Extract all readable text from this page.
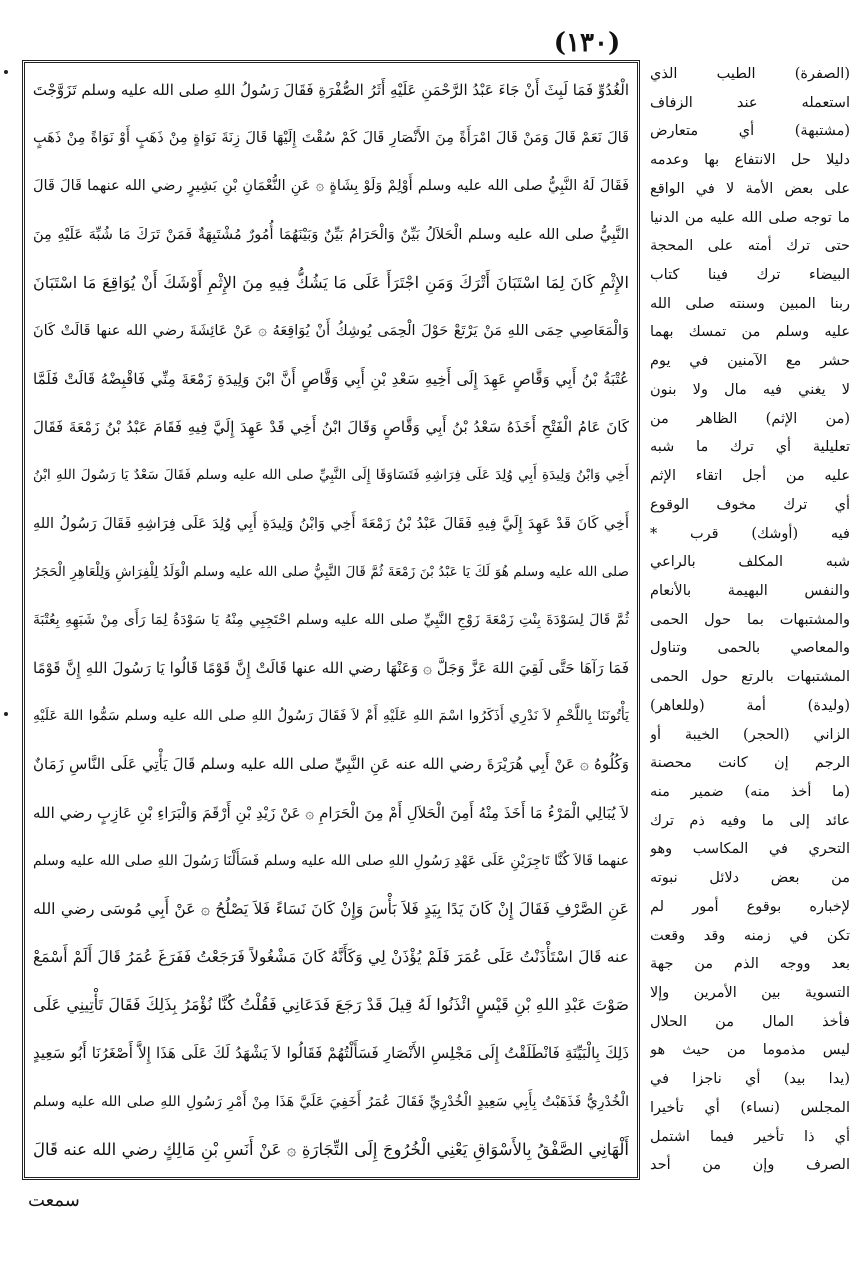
(١٣٠)
الْغُدُوِّ فَمَا لَبِثَ أَنْ جَاءَ عَبْدُ الرَّحْمَنِ عَلَيْهِ أَثَرُ الصُّفْرَةِ فَقَالَ رَسُولُ اللهِ صلى الله عليه وسلم تَزَوَّجْتَ
قَالَ نَعَمْ قَالَ وَمَنْ قَالَ امْرَأَةً مِنَ الأَنْصَارِ قَالَ كَمْ سُقْتَ إِلَيْهَا قَالَ زِنَةَ نَوَاةٍ مِنْ ذَهَبٍ أَوْ نَوَاةً مِنْ ذَهَبٍ
فَقَالَ لَهُ النَّبِيُّ صلى الله عليه وسلم أَوْلِمْ وَلَوْ بِشَاةٍ ۞ عَنِ النُّعْمَانِ بْنِ بَشِيرٍ رضي الله عنهما قَالَ قَالَ
النَّبِيُّ صلى الله عليه وسلم الْحَلاَلُ بَيِّنٌ وَالْحَرَامُ بَيِّنٌ وَبَيْنَهُمَا أُمُورٌ مُشْتَبِهَةٌ فَمَنْ تَرَكَ مَا شُبِّهَ عَلَيْهِ مِنَ
الإِثْمِ كَانَ لِمَا اسْتَبَانَ أَتْرَكَ وَمَنِ اجْتَرَأَ عَلَى مَا يَشُكُّ فِيهِ مِنَ الإِثْمِ أَوْشَكَ أَنْ يُوَاقِعَ مَا اسْتَبَانَ
وَالْمَعَاصِي حِمَى اللهِ مَنْ يَرْتَعْ حَوْلَ الْحِمَى يُوشِكُ أَنْ يُوَاقِعَهُ ۞ عَنْ عَائِشَةَ رضي الله عنها قَالَتْ كَانَ
عُتْبَةُ بْنُ أَبِي وَقَّاصٍ عَهِدَ إِلَى أَخِيهِ سَعْدِ بْنِ أَبِي وَقَّاصٍ أَنَّ ابْنَ وَلِيدَةِ زَمْعَةَ مِنِّي فَاقْبِضْهُ قَالَتْ فَلَمَّا
كَانَ عَامُ الْفَتْحِ أَخَذَهُ سَعْدُ بْنُ أَبِي وَقَّاصٍ وَقَالَ ابْنُ أَخِي قَدْ عَهِدَ إِلَيَّ فِيهِ فَقَامَ عَبْدُ بْنُ زَمْعَةَ فَقَالَ
أَخِي وَابْنُ وَلِيدَةِ أَبِي وُلِدَ عَلَى فِرَاشِهِ فَتَسَاوَقَا إِلَى النَّبِيِّ صلى الله عليه وسلم فَقَالَ سَعْدٌ يَا رَسُولَ اللهِ ابْنُ
أَخِي كَانَ قَدْ عَهِدَ إِلَيَّ فِيهِ فَقَالَ عَبْدُ بْنُ زَمْعَةَ أَخِي وَابْنُ وَلِيدَةِ أَبِي وُلِدَ عَلَى فِرَاشِهِ فَقَالَ رَسُولُ اللهِ
صلى الله عليه وسلم هُوَ لَكَ يَا عَبْدُ بْنَ زَمْعَةَ ثُمَّ قَالَ النَّبِيُّ صلى الله عليه وسلم الْوَلَدُ لِلْفِرَاشِ وَلِلْعَاهِرِ الْحَجَرُ
ثُمَّ قَالَ لِسَوْدَةَ بِنْتِ زَمْعَةَ زَوْجِ النَّبِيِّ صلى الله عليه وسلم احْتَجِبِي مِنْهُ يَا سَوْدَةُ لِمَا رَأَى مِنْ شَبَهِهِ بِعُتْبَةَ
فَمَا رَآهَا حَتَّى لَقِيَ اللهَ عَزَّ وَجَلَّ ۞ وَعَنْهَا رضي الله عنها قَالَتْ إِنَّ قَوْمًا قَالُوا يَا رَسُولَ اللهِ إِنَّ قَوْمًا
يَأْتُونَنَا بِاللَّحْمِ لاَ نَدْرِي أَذَكَرُوا اسْمَ اللهِ عَلَيْهِ أَمْ لاَ فَقَالَ رَسُولُ اللهِ صلى الله عليه وسلم سَمُّوا اللهَ عَلَيْهِ
وَكُلُوهُ ۞ عَنْ أَبِي هُرَيْرَةَ رضي الله عنه عَنِ النَّبِيِّ صلى الله عليه وسلم قَالَ يَأْتِي عَلَى النَّاسِ زَمَانٌ
لاَ يُبَالِي الْمَرْءُ مَا أَخَذَ مِنْهُ أَمِنَ الْحَلاَلِ أَمْ مِنَ الْحَرَامِ ۞ عَنْ زَيْدِ بْنِ أَرْقَمَ وَالْبَرَاءِ بْنِ عَازِبٍ رضي الله
عنهما قَالاَ كُنَّا تَاجِرَيْنِ عَلَى عَهْدِ رَسُولِ اللهِ صلى الله عليه وسلم فَسَأَلْنَا رَسُولَ اللهِ صلى الله عليه وسلم
عَنِ الصَّرْفِ فَقَالَ إِنْ كَانَ يَدًا بِيَدٍ فَلاَ بَأْسَ وَإِنْ كَانَ نَسَاءً فَلاَ يَصْلُحُ ۞ عَنْ أَبِي مُوسَى رضي الله
عنه قَالَ اسْتَأْذَنْتُ عَلَى عُمَرَ فَلَمْ يُؤْذَنْ لِي وَكَأَنَّهُ كَانَ مَشْغُولاً فَرَجَعْتُ فَفَرَغَ عُمَرُ قَالَ أَلَمْ أَسْمَعْ
صَوْتَ عَبْدِ اللهِ بْنِ قَيْسٍ ائْذَنُوا لَهُ قِيلَ قَدْ رَجَعَ فَدَعَانِي فَقُلْتُ كُنَّا نُؤْمَرُ بِذَلِكَ فَقَالَ تَأْتِينِي عَلَى
ذَلِكَ بِالْبَيِّنَةِ فَانْطَلَقْتُ إِلَى مَجْلِسِ الأَنْصَارِ فَسَأَلْتُهُمْ فَقَالُوا لاَ يَشْهَدُ لَكَ عَلَى هَذَا إِلاَّ أَصْغَرُنَا أَبُو سَعِيدٍ
الْخُدْرِيُّ فَذَهَبْتُ بِأَبِي سَعِيدٍ الْخُدْرِيِّ فَقَالَ عُمَرُ أَخَفِيَ عَلَيَّ هَذَا مِنْ أَمْرِ رَسُولِ اللهِ صلى الله عليه وسلم
أَلْهَانِي الصَّفْقُ بِالأَسْوَاقِ يَعْنِي الْخُرُوجَ إِلَى التِّجَارَةِ ۞ عَنْ أَنَسِ بْنِ مَالِكٍ رضي الله عنه قَالَ
(الصفرة) الطيب الذي
استعمله عند الزفاف
(مشتبهة) أي متعارض
دليلا حل الانتفاع بها وعدمه
على بعض الأمة لا في الواقع
ما توجه صلى الله عليه من الدنيا
حتى ترك أمته على المحجة
البيضاء ترك فينا كتاب
ربنا المبين وسنته صلى الله
عليه وسلم من تمسك بهما
حشر مع الآمنين في يوم
لا يغني فيه مال ولا بنون
(من الإثم) الظاهر من
تعليلية أي ترك ما شبه
عليه من أجل اتقاء الإثم
أي ترك مخوف الوقوع
فيه (أوشك) قرب *
شبه المكلف بالراعي
والنفس البهيمة بالأنعام
والمشتبهات بما حول الحمى
والمعاصي بالحمى وتناول
المشتبهات بالرتع حول الحمى
(وليدة) أمة (وللعاهر)
الزاني (الحجر) الخيبة أو
الرجم إن كانت محصنة
(ما أخذ منه) ضمير منه
عائد إلى ما وفيه ذم ترك
التحري في المكاسب وهو
من بعض دلائل نبوته
لإخباره بوقوع أمور لم
تكن في زمنه وقد وقعت
بعد ووجه الذم من جهة
التسوية بين الأمرين وإلا
فأخذ المال من الحلال
ليس مذموما من حيث هو
(يدا بيد) أي ناجزا في
المجلس (نساء) أي تأخيرا
أي ذا تأخير فيما اشتمل
الصرف وإن من أحد
سمعت
